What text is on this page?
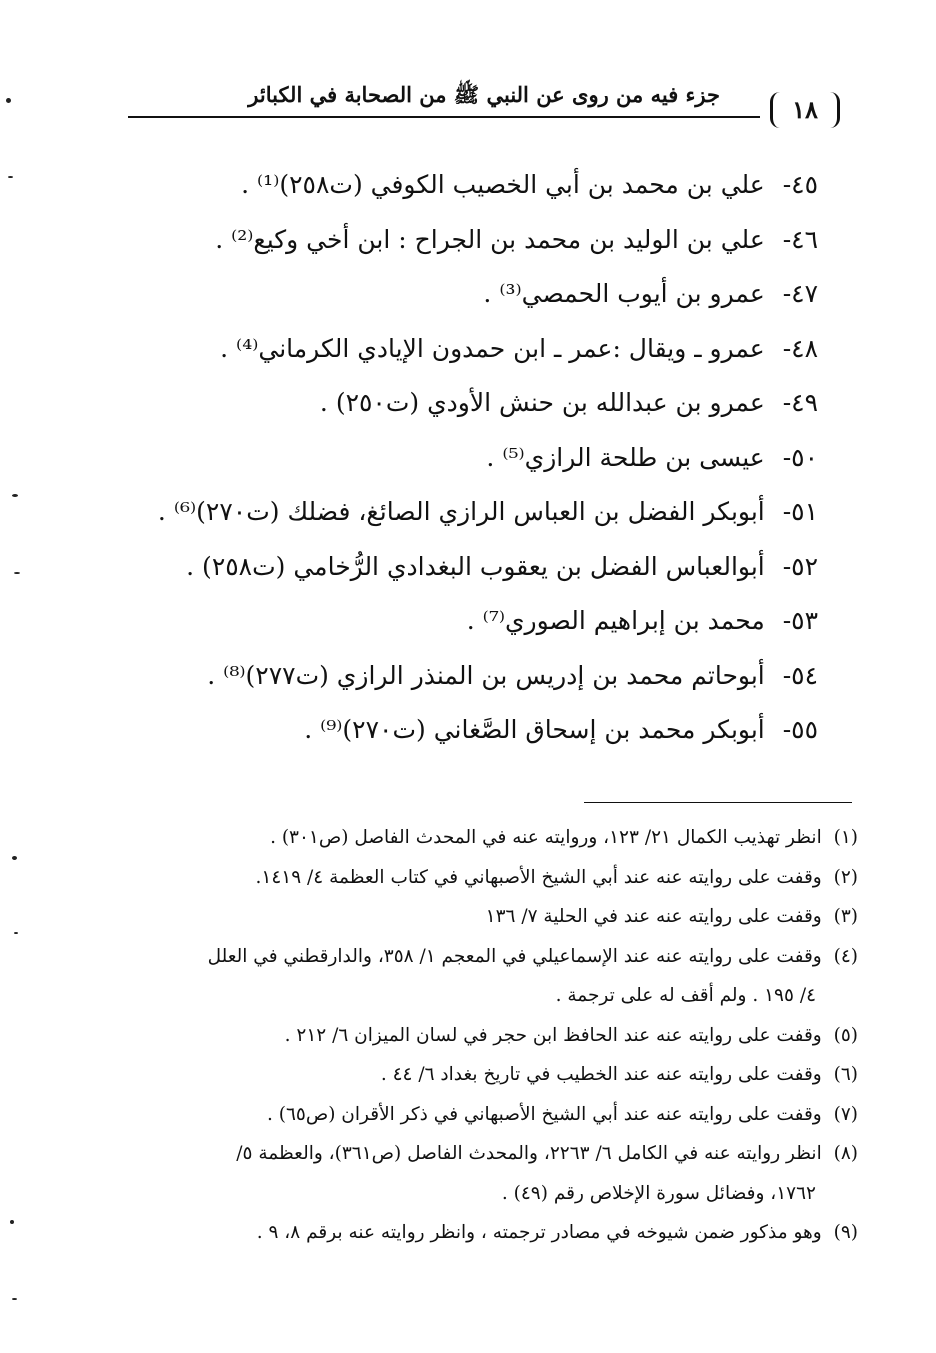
جزء فيه من روى عن النبي ﷺ من الصحابة في الكبائر
١٨
٤٥- علي بن محمد بن أبي الخصيب الكوفي (ت٢٥٨)⁽¹⁾ .
٤٦- علي بن الوليد بن محمد بن الجراح : ابن أخي وكيع⁽²⁾ .
٤٧- عمرو بن أيوب الحمصي⁽³⁾ .
٤٨- عمرو ـ ويقال :عمر ـ ابن حمدون الإيادي الكرماني⁽⁴⁾ .
٤٩- عمرو بن عبدالله بن حنش الأودي (ت٢٥٠) .
٥٠- عيسى بن طلحة الرازي⁽⁵⁾ .
٥١- أبوبكر الفضل بن العباس الرازي الصائغ، فضلك (ت٢٧٠)⁽⁶⁾ .
٥٢- أبوالعباس الفضل بن يعقوب البغدادي الرُّخامي (ت٢٥٨) .
٥٣- محمد بن إبراهيم الصوري⁽⁷⁾ .
٥٤- أبوحاتم محمد بن إدريس بن المنذر الرازي (ت٢٧٧)⁽⁸⁾ .
٥٥- أبوبكر محمد بن إسحاق الصَّغاني (ت٢٧٠)⁽⁹⁾ .
(١) انظر تهذيب الكمال ٢١/ ١٢٣، وروايته عنه في المحدث الفاصل (ص٣٠١) .
(٢) وقفت على روايته عنه عند أبي الشيخ الأصبهاني في كتاب العظمة ٤/ ١٤١٩.
(٣) وقفت على روايته عنه عند في الحلية ٧/ ١٣٦
(٤) وقفت على روايته عنه عند الإسماعيلي في المعجم ١/ ٣٥٨، والدارقطني في العلل
٤/ ١٩٥ . ولم أقف له على ترجمة .
(٥) وقفت على روايته عنه عند الحافظ ابن حجر في لسان الميزان ٦/ ٢١٢ .
(٦) وقفت على روايته عنه عند الخطيب في تاريخ بغداد ٦/ ٤٤ .
(٧) وقفت على روايته عنه عند أبي الشيخ الأصبهاني في ذكر الأقران (ص٦٥) .
(٨) انظر روايته عنه في الكامل ٦/ ٢٢٦٣، والمحدث الفاصل (ص٣٦١)، والعظمة ٥/
١٧٦٢، وفضائل سورة الإخلاص رقم (٤٩) .
(٩) وهو مذكور ضمن شيوخه في مصادر ترجمته ، وانظر روايته عنه برقم ٨، ٩ .
